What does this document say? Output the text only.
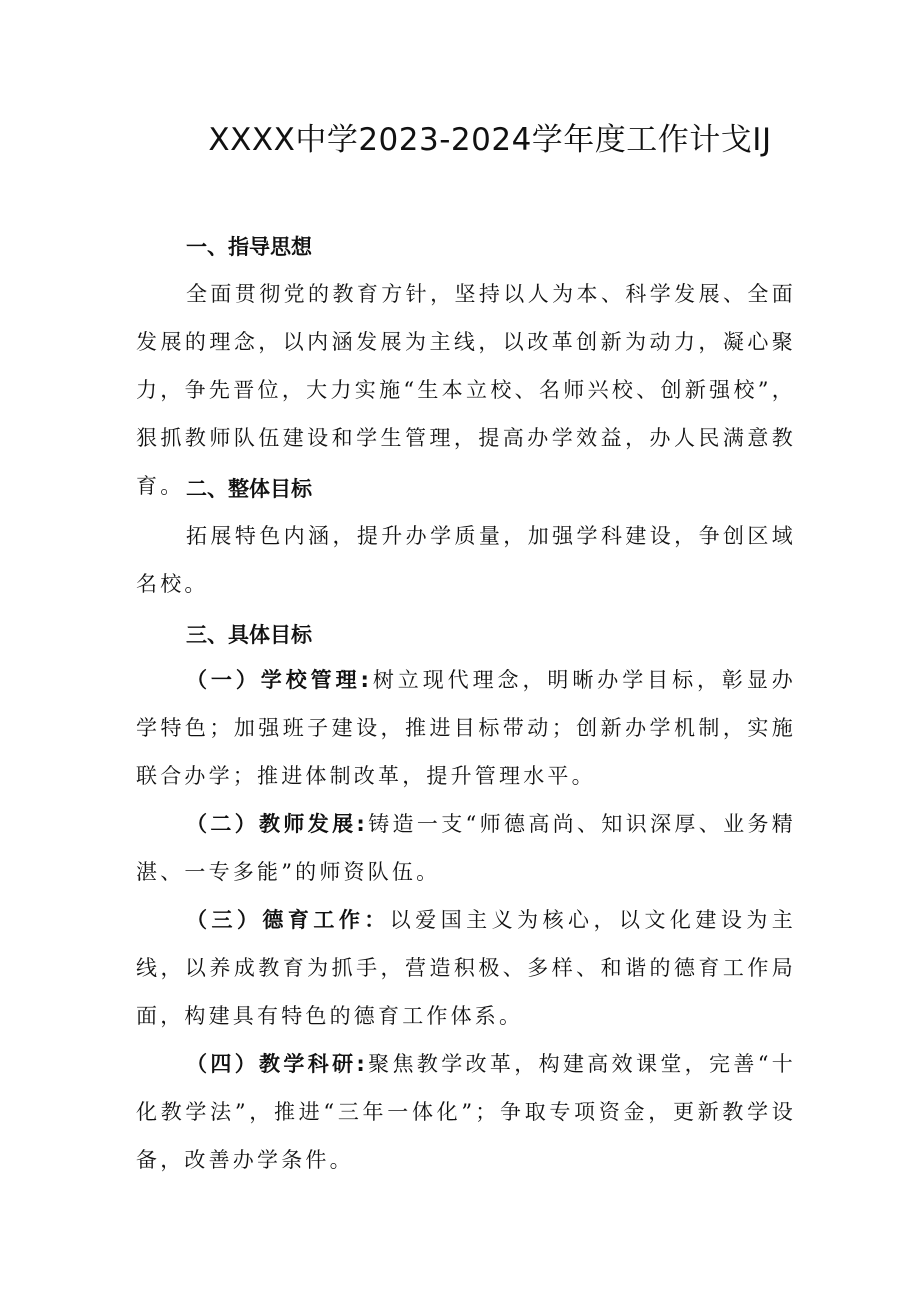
XXXX中学2023-2024学年度工作计戈IJ
一、指导思想
全面贯彻党的教育方针，坚持以人为本、科学发展、全面发展的理念，以内涵发展为主线，以改革创新为动力，凝心聚力，争先晋位，大力实施“生本立校、名师兴校、创新强校”，狠抓教师队伍建设和学生管理，提高办学效益，办人民满意教育。 二、整体目标
拓展特色内涵，提升办学质量，加强学科建设，争创区域名校。
三、具体目标
（一）学校管理:树立现代理念，明晰办学目标，彰显办学特色；加强班子建设，推进目标带动；创新办学机制，实施联合办学；推进体制改革，提升管理水平。
（二）教师发展:铸造一支“师德高尚、知识深厚、业务精湛、一专多能”的师资队伍。
（三）德育工作：以爱国主义为核心，以文化建设为主线，以养成教育为抓手，营造积极、多样、和谐的德育工作局面，构建具有特色的德育工作体系。
（四）教学科研:聚焦教学改革，构建高效课堂，完善“十化教学法”，推进“三年一体化”；争取专项资金，更新教学设备，改善办学条件。
